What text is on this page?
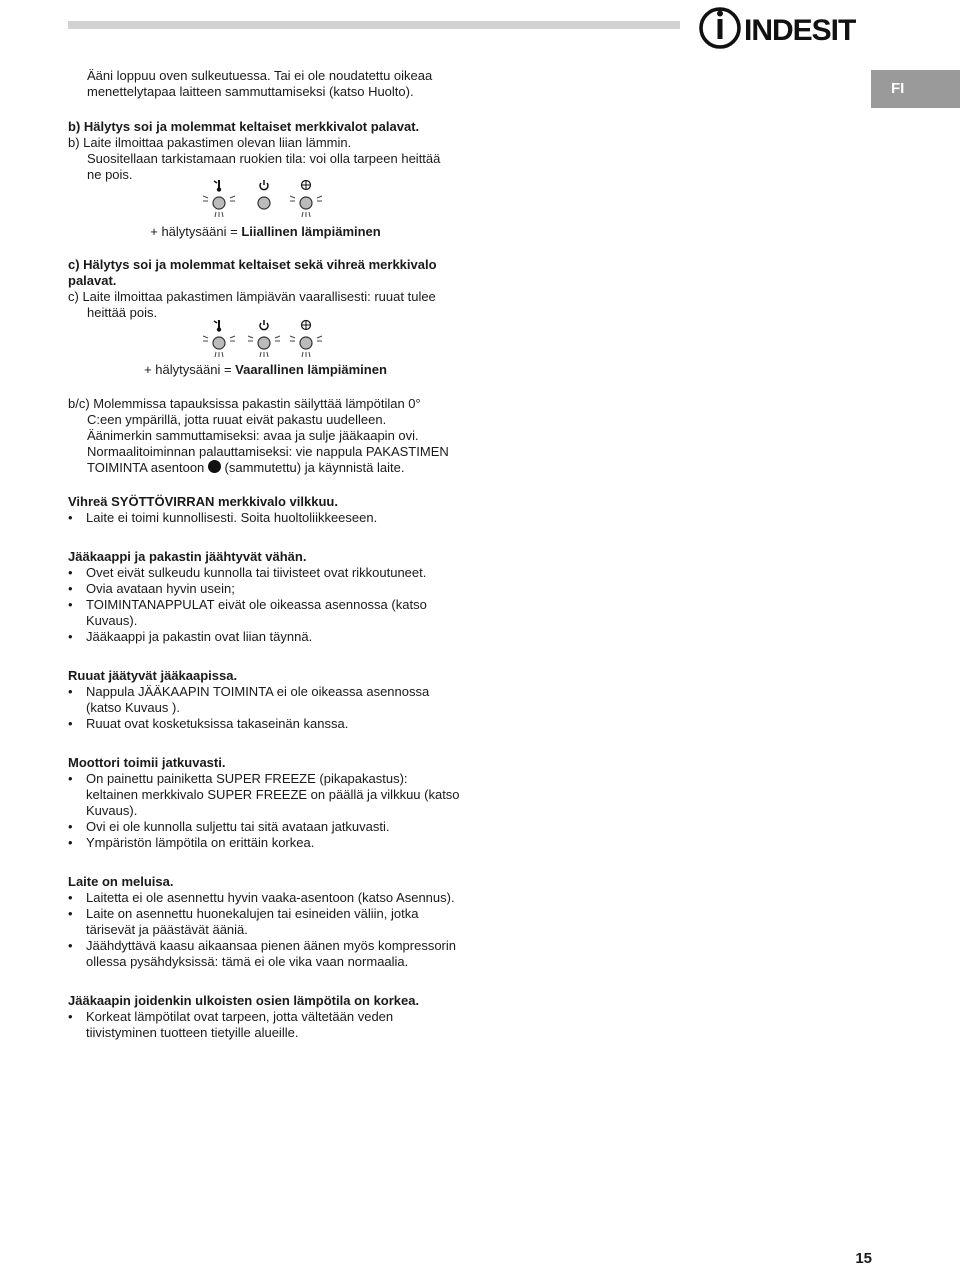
INDESIT
FI

Ääni loppuu oven sulkeutuessa. Tai ei ole noudatettu oikeaa

menettelytapaa laitteen sammuttamiseksi (katso Huolto).

b) Hälytys soi ja molemmat keltaiset merkkivalot palavat.

b) Laite ilmoittaa pakastimen olevan liian lämmin.

Suositellaan tarkistamaan ruokien tila: voi olla tarpeen heittää

ne pois.

+ hälytysääni = Liiallinen lämpiäminen

c) Hälytys soi ja molemmat keltaiset sekä vihreä merkkivalo

palavat.

c) Laite ilmoittaa pakastimen lämpiävän vaarallisesti: ruuat tulee

heittää pois.

+ hälytysääni = Vaarallinen lämpiäminen

b/c) Molemmissa tapauksissa pakastin säilyttää lämpötilan 0°

C:een ympärillä, jotta ruuat eivät pakastu uudelleen.

Äänimerkin sammuttamiseksi: avaa ja sulje jääkaapin ovi.

Normaalitoiminnan palauttamiseksi: vie nappula PAKASTIMEN

TOIMINTA asentoon (sammutettu) ja käynnistä laite.

Vihreä SYÖTTÖVIRRAN merkkivalo vilkkuu.

• Laite ei toimi kunnollisesti. Soita huoltoliikkeeseen.

Jääkaappi ja pakastin jäähtyvät vähän.

• Ovet eivät sulkeudu kunnolla tai tiivisteet ovat rikkoutuneet.
• Ovia avataan hyvin usein;
• TOIMINTANAPPULAT eivät ole oikeassa asennossa (katso
Kuvaus).
• Jääkaappi ja pakastin ovat liian täynnä.

Ruuat jäätyvät jääkaapissa.

• Nappula JÄÄKAAPIN TOIMINTA ei ole oikeassa asennossa
(katso Kuvaus ).
• Ruuat ovat kosketuksissa takaseinän kanssa.

Moottori toimii jatkuvasti.

• On painettu painiketta SUPER FREEZE (pikapakastus):
keltainen merkkivalo SUPER FREEZE on päällä ja vilkkuu (katso
Kuvaus).
• Ovi ei ole kunnolla suljettu tai sitä avataan jatkuvasti.
• Ympäristön lämpötila on erittäin korkea.

Laite on meluisa.

• Laitetta ei ole asennettu hyvin vaaka-asentoon (katso Asennus).
• Laite on asennettu huonekalujen tai esineiden väliin, jotka
tärisevät ja päästävät ääniä.
• Jäähdyttävä kaasu aikaansaa pienen äänen myös kompressorin
ollessa pysähdyksissä: tämä ei ole vika vaan normaalia.

Jääkaapin joidenkin ulkoisten osien lämpötila on korkea.

• Korkeat lämpötilat ovat tarpeen, jotta vältetään veden
tiivistyminen tuotteen tietyille alueille.
15
